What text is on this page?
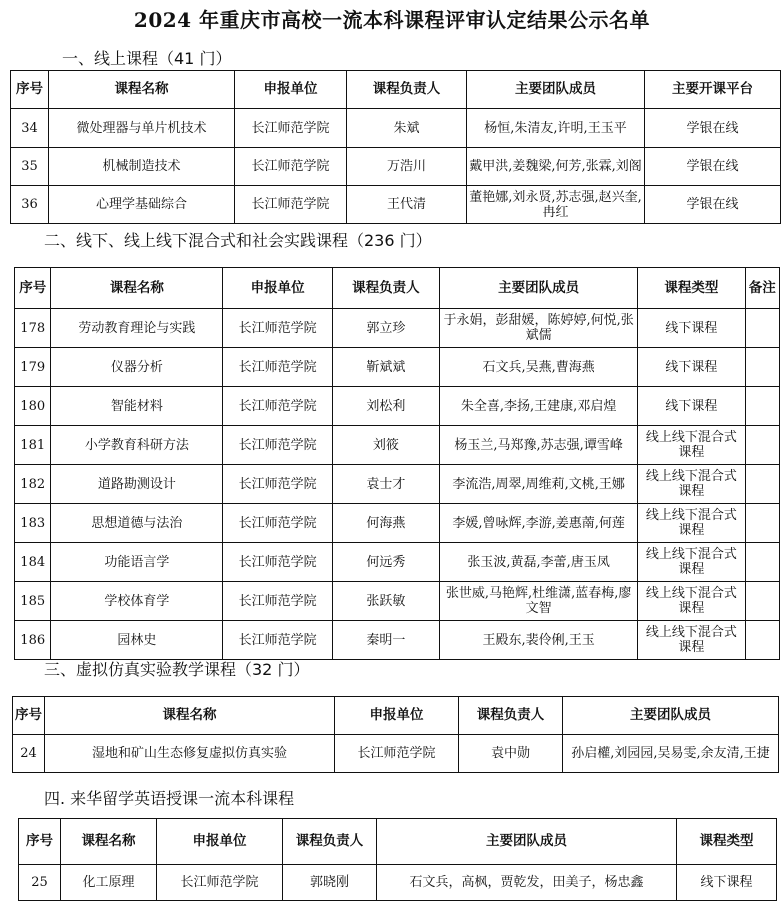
2024 年重庆市高校一流本科课程评审认定结果公示名单
一、线上课程（41 门）
序号	课程名称	申报单位	课程负责人	主要团队成员	主要开课平台
34	微处理器与单片机技术	长江师范学院	朱斌	杨恒,朱清友,许明,王玉平	学银在线
35	机械制造技术	长江师范学院	万浩川	戴甲洪,姜魏梁,何芳,张霖,刘阁	学银在线
36	心理学基础综合	长江师范学院	王代清	董艳娜,刘永贤,苏志强,赵兴奎,冉红	学银在线
二、线下、线上线下混合式和社会实践课程（236 门）
序号	课程名称	申报单位	课程负责人	主要团队成员	课程类型	备注
178	劳动教育理论与实践	长江师范学院	郭立珍	于永娟，彭甜媛，陈婷婷,何悦,张斌儒	线下课程	
179	仪器分析	长江师范学院	靳斌斌	石文兵,吴燕,曹海燕	线下课程	
180	智能材料	长江师范学院	刘松利	朱全喜,李扬,王建康,邓启煌	线下课程	
181	小学教育科研方法	长江师范学院	刘筱	杨玉兰,马郑豫,苏志强,谭雪峰	线上线下混合式课程	
182	道路勘测设计	长江师范学院	袁士才	李流浩,周翠,周维莉,文桃,王娜	线上线下混合式课程	
183	思想道德与法治	长江师范学院	何海燕	李媛,曾咏辉,李游,姜惠萳,何莲	线上线下混合式课程	
184	功能语言学	长江师范学院	何远秀	张玉波,黄磊,李蕾,唐玉凤	线上线下混合式课程	
185	学校体育学	长江师范学院	张跃敏	张世威,马艳辉,杜维潇,蓝春梅,廖文智	线上线下混合式课程	
186	园林史	长江师范学院	秦明一	王殿东,裴伶俐,王玉	线上线下混合式课程	
三、虚拟仿真实验教学课程（32 门）
序号	课程名称	申报单位	课程负责人	主要团队成员
24	湿地和矿山生态修复虚拟仿真实验	长江师范学院	袁中勋	孙启權,刘园园,吴易雯,余友清,王捷
四. 来华留学英语授课一流本科课程
序号	课程名称	申报单位	课程负责人	主要团队成员	课程类型
25	化工原理	长江师范学院	郭晓刚	石文兵，高枫，贾乾发，田美子，杨忠鑫	线下课程
